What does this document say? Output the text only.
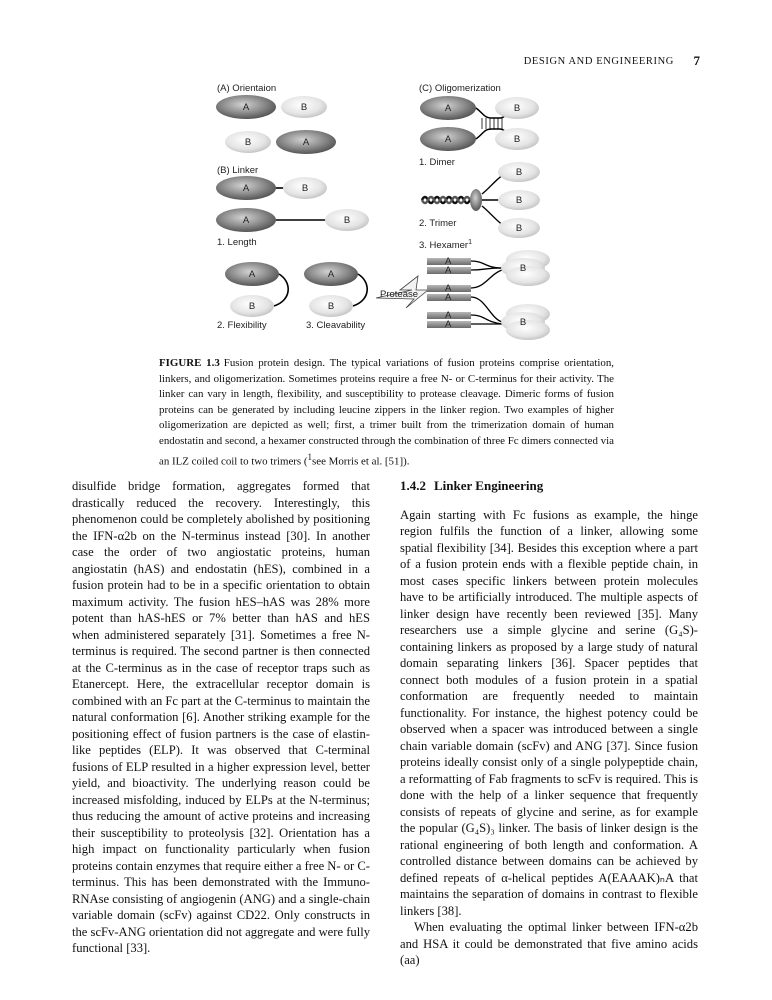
DESIGN AND ENGINEERING 7
(A) Orientaion
A	B
B	A
(B) Linker
A	B
A	B
1. Length
A
B
2. Flexibility
A
B
Protease
3. Cleavability
(C) Oligomerization
A
A
B
B
1. Dimer
B
B
B
2. Trimer
3. Hexamer$^1$
A
A
A
A
A
A
B
B
FIGURE 1.3 Fusion protein design. The typical variations of fusion proteins comprise orientation, linkers, and oligomerization. Sometimes proteins require a free N- or C-terminus for their activity. The linker can vary in length, flexibility, and susceptibility to protease cleavage. Dimeric forms of fusion proteins can be generated by including leucine zippers in the linker region. Two examples of higher oligomerization are depicted as well; first, a trimer built from the trimerization domain of human endostatin and second, a hexamer constructed through the combination of three Fc dimers connected via an ILZ coiled coil to two trimers ($^1$see Morris et al. [51]).

disulfide bridge formation, aggregates formed that drastically reduced the recovery. Interestingly, this phenomenon could be completely abolished by positioning the IFN-α2b on the N-terminus instead [30]. In another case the order of two angiostatic proteins, human angiostatin (hAS) and endostatin (hES), combined in a fusion protein had to be in a specific orientation to obtain maximum activity. The fusion hES–hAS was 28% more potent than hAS-hES or 7% better than hAS and hES when administered separately [31]. Sometimes a free N-terminus is required. The second partner is then connected at the C-terminus as in the case of receptor traps such as Etanercept. Here, the extracellular receptor domain is combined with an Fc part at the C-terminus to maintain the natural conformation [6]. Another striking example for the positioning effect of fusion partners is the case of elastin-like peptides (ELP). It was observed that C-terminal fusions of ELP resulted in a higher expression level, better yield, and bioactivity. The underlying reason could be increased misfolding, induced by ELPs at the N-terminus; thus reducing the amount of active proteins and increasing their susceptibility to proteolysis [32]. Orientation has a high impact on functionality particularly when fusion proteins contain enzymes that require either a free N- or C-terminus. This has been demonstrated with the Immuno-RNAse consisting of angiogenin (ANG) and a single-chain variable domain (scFv) against CD22. Only constructs in the scFv-ANG orientation did not aggregate and were fully functional [33].

1.4.2 Linker Engineering

Again starting with Fc fusions as example, the hinge region fulfils the function of a linker, allowing some spatial flexibility [34]. Besides this exception where a part of a fusion protein ends with a flexible peptide chain, in most cases specific linkers between protein molecules have to be artificially introduced. The multiple aspects of linker design have recently been reviewed [35]. Many researchers use a simple glycine and serine (G₄S)-containing linkers as proposed by a large study of natural domain separating linkers [36]. Spacer peptides that connect both modules of a fusion protein in a spatial conformation are frequently needed to maintain functionality. For instance, the highest potency could be observed when a spacer was introduced between a single chain variable domain (scFv) and ANG [37]. Since fusion proteins ideally consist only of a single polypeptide chain, a reformatting of Fab fragments to scFv is required. This is done with the help of a linker sequence that frequently consists of repeats of glycine and serine, as for example the popular (G₄S)₃ linker. The basis of linker design is the rational engineering of both length and conformation. A controlled distance between domains can be achieved by defined repeats of α-helical peptides A(EAAAK)ₙA that maintains the separation of domains in contrast to flexible linkers [38].

When evaluating the optimal linker between IFN-α2b and HSA it could be demonstrated that five amino acids (aa)
